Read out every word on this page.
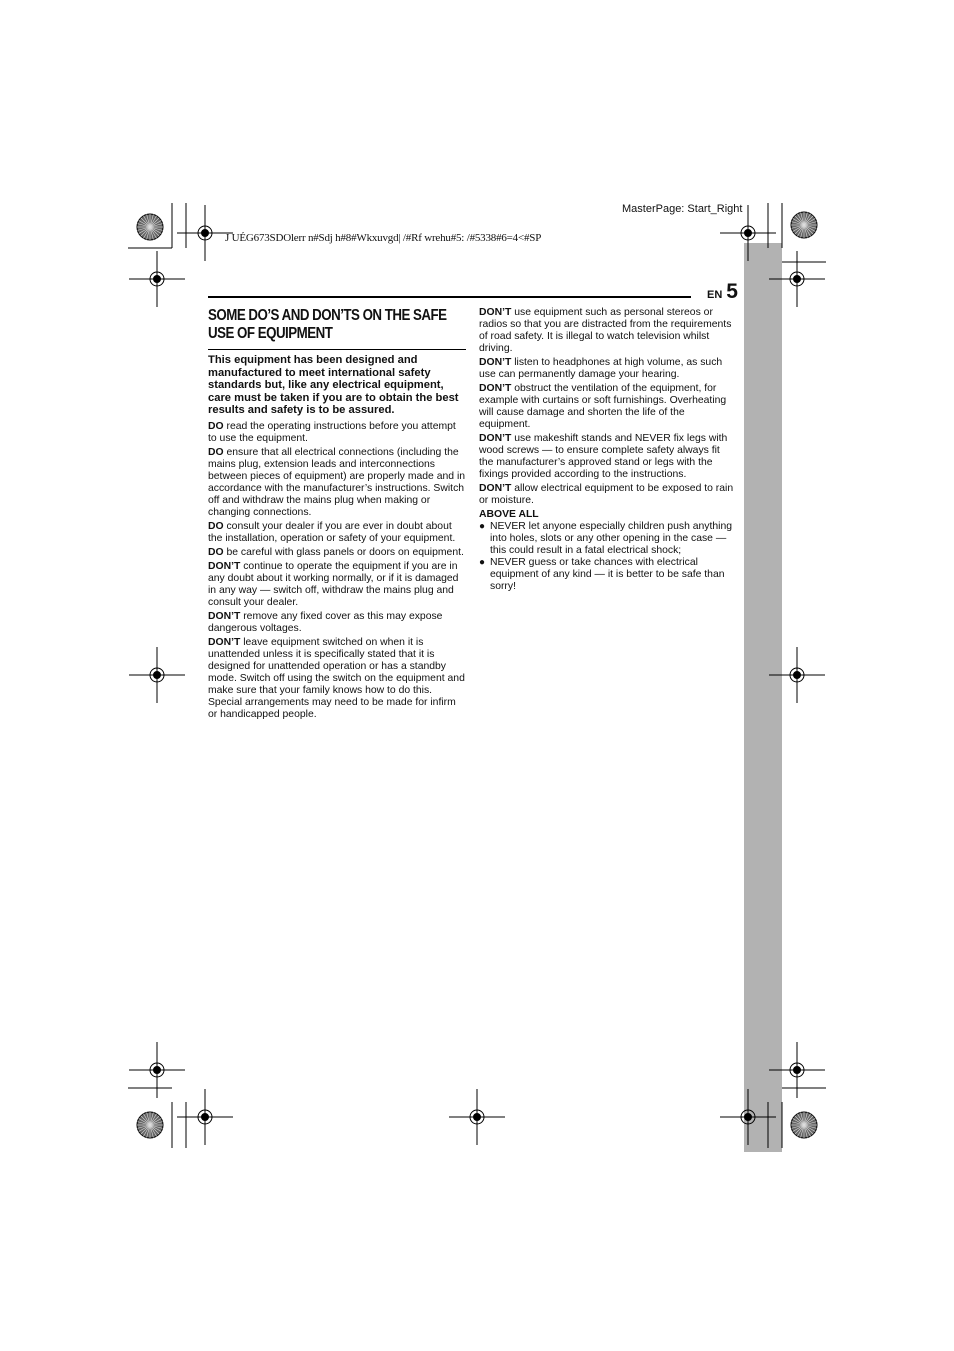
MasterPage: Start_Right
J UÉG673SDOlerr n#Sdj h#8#Wkxuvgd| /#Rf wrehu#5: /#5338#6=4<#SP
EN 5
SOME DO’S AND DON’TS ON THE SAFE USE OF EQUIPMENT

This equipment has been designed and manufactured to meet international safety standards but, like any electrical equipment, care must be taken if you are to obtain the best results and safety is to be assured.

DO read the operating instructions before you attempt to use the equipment.

DO ensure that all electrical connections (including the mains plug, extension leads and interconnections between pieces of equipment) are properly made and in accordance with the manufacturer’s instructions. Switch off and withdraw the mains plug when making or changing connections.

DO consult your dealer if you are ever in doubt about the installation, operation or safety of your equipment.

DO be careful with glass panels or doors on equipment.

DON’T continue to operate the equipment if you are in any doubt about it working normally, or if it is damaged in any way — switch off, withdraw the mains plug and consult your dealer.

DON’T remove any fixed cover as this may expose dangerous voltages.

DON’T leave equipment switched on when it is unattended unless it is specifically stated that it is designed for unattended operation or has a standby mode. Switch off using the switch on the equipment and make sure that your family knows how to do this. Special arrangements may need to be made for infirm or handicapped people.

DON’T use equipment such as personal stereos or radios so that you are distracted from the requirements of road safety. It is illegal to watch television whilst driving.

DON’T listen to headphones at high volume, as such use can permanently damage your hearing.

DON’T obstruct the ventilation of the equipment, for example with curtains or soft furnishings. Overheating will cause damage and shorten the life of the equipment.

DON’T use makeshift stands and NEVER fix legs with wood screws — to ensure complete safety always fit the manufacturer’s approved stand or legs with the fixings provided according to the instructions.

DON’T allow electrical equipment to be exposed to rain or moisture.

ABOVE ALL

● NEVER let anyone especially children push anything into holes, slots or any other opening in the case — this could result in a fatal electrical shock;
● NEVER guess or take chances with electrical equipment of any kind — it is better to be safe than sorry!
